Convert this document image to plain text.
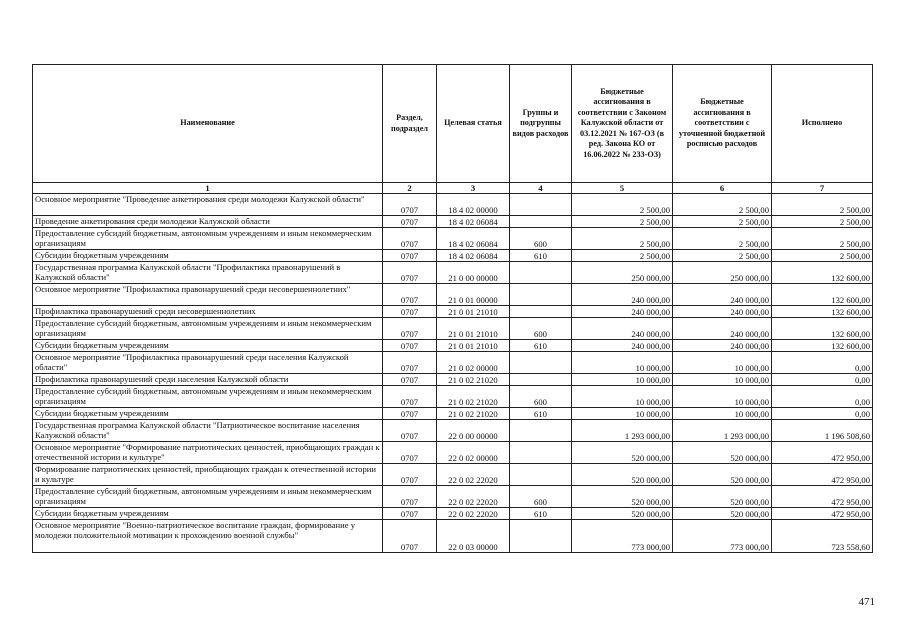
Наименование	Раздел, подраздел	Целевая статья	Группы и подгруппы видов расходов	Бюджетные ассигнования в соответствии с Законом Калужской области от 03.12.2021 № 167-ОЗ (в ред. Закона КО от 16.06.2022 № 233-ОЗ)	Бюджетные ассигнования в соответствии с уточненной бюджетной росписью расходов	Исполнено
1	2	3	4	5	6	7
Основное мероприятие "Проведение анкетирования среди молодежи Калужской области"	0707	18 4 02 00000		2 500,00	2 500,00	2 500,00
Проведение анкетирования среди молодежи Калужской области	0707	18 4 02 06084		2 500,00	2 500,00	2 500,00
Предоставление субсидий бюджетным, автономным учреждениям и иным некоммерческим организациям	0707	18 4 02 06084	600	2 500,00	2 500,00	2 500,00
Субсидии бюджетным учреждениям	0707	18 4 02 06084	610	2 500,00	2 500,00	2 500,00
Государственная программа Калужской области "Профилактика правонарушений в Калужской области"	0707	21 0 00 00000		250 000,00	250 000,00	132 600,00
Основное мероприятие "Профилактика правонарушений среди несовершеннолетних"	0707	21 0 01 00000		240 000,00	240 000,00	132 600,00
Профилактика правонарушений среди несовершеннолетних	0707	21 0 01 21010		240 000,00	240 000,00	132 600,00
Предоставление субсидий бюджетным, автономным учреждениям и иным некоммерческим организациям	0707	21 0 01 21010	600	240 000,00	240 000,00	132 600,00
Субсидии бюджетным учреждениям	0707	21 0 01 21010	610	240 000,00	240 000,00	132 600,00
Основное мероприятие "Профилактика правонарушений среди населения Калужской области"	0707	21 0 02 00000		10 000,00	10 000,00	0,00
Профилактика правонарушений среди населения Калужской области	0707	21 0 02 21020		10 000,00	10 000,00	0,00
Предоставление субсидий бюджетным, автономным учреждениям и иным некоммерческим организациям	0707	21 0 02 21020	600	10 000,00	10 000,00	0,00
Субсидии бюджетным учреждениям	0707	21 0 02 21020	610	10 000,00	10 000,00	0,00
Государственная программа Калужской области "Патриотическое воспитание населения Калужской области"	0707	22 0 00 00000		1 293 000,00	1 293 000,00	1 196 508,60
Основное мероприятие "Формирование патриотических ценностей, приобщающих граждан к отечественной истории и культуре"	0707	22 0 02 00000		520 000,00	520 000,00	472 950,00
Формирование патриотических ценностей, приобщающих граждан к отечественной истории и культуре	0707	22 0 02 22020		520 000,00	520 000,00	472 950,00
Предоставление субсидий бюджетным, автономным учреждениям и иным некоммерческим организациям	0707	22 0 02 22020	600	520 000,00	520 000,00	472 950,00
Субсидии бюджетным учреждениям	0707	22 0 02 22020	610	520 000,00	520 000,00	472 950,00
Основное мероприятие "Военно-патриотическое воспитание граждан, формирование у молодежи положительной мотивации к прохождению военной службы"	0707	22 0 03 00000		773 000,00	773 000,00	723 558,60
471
